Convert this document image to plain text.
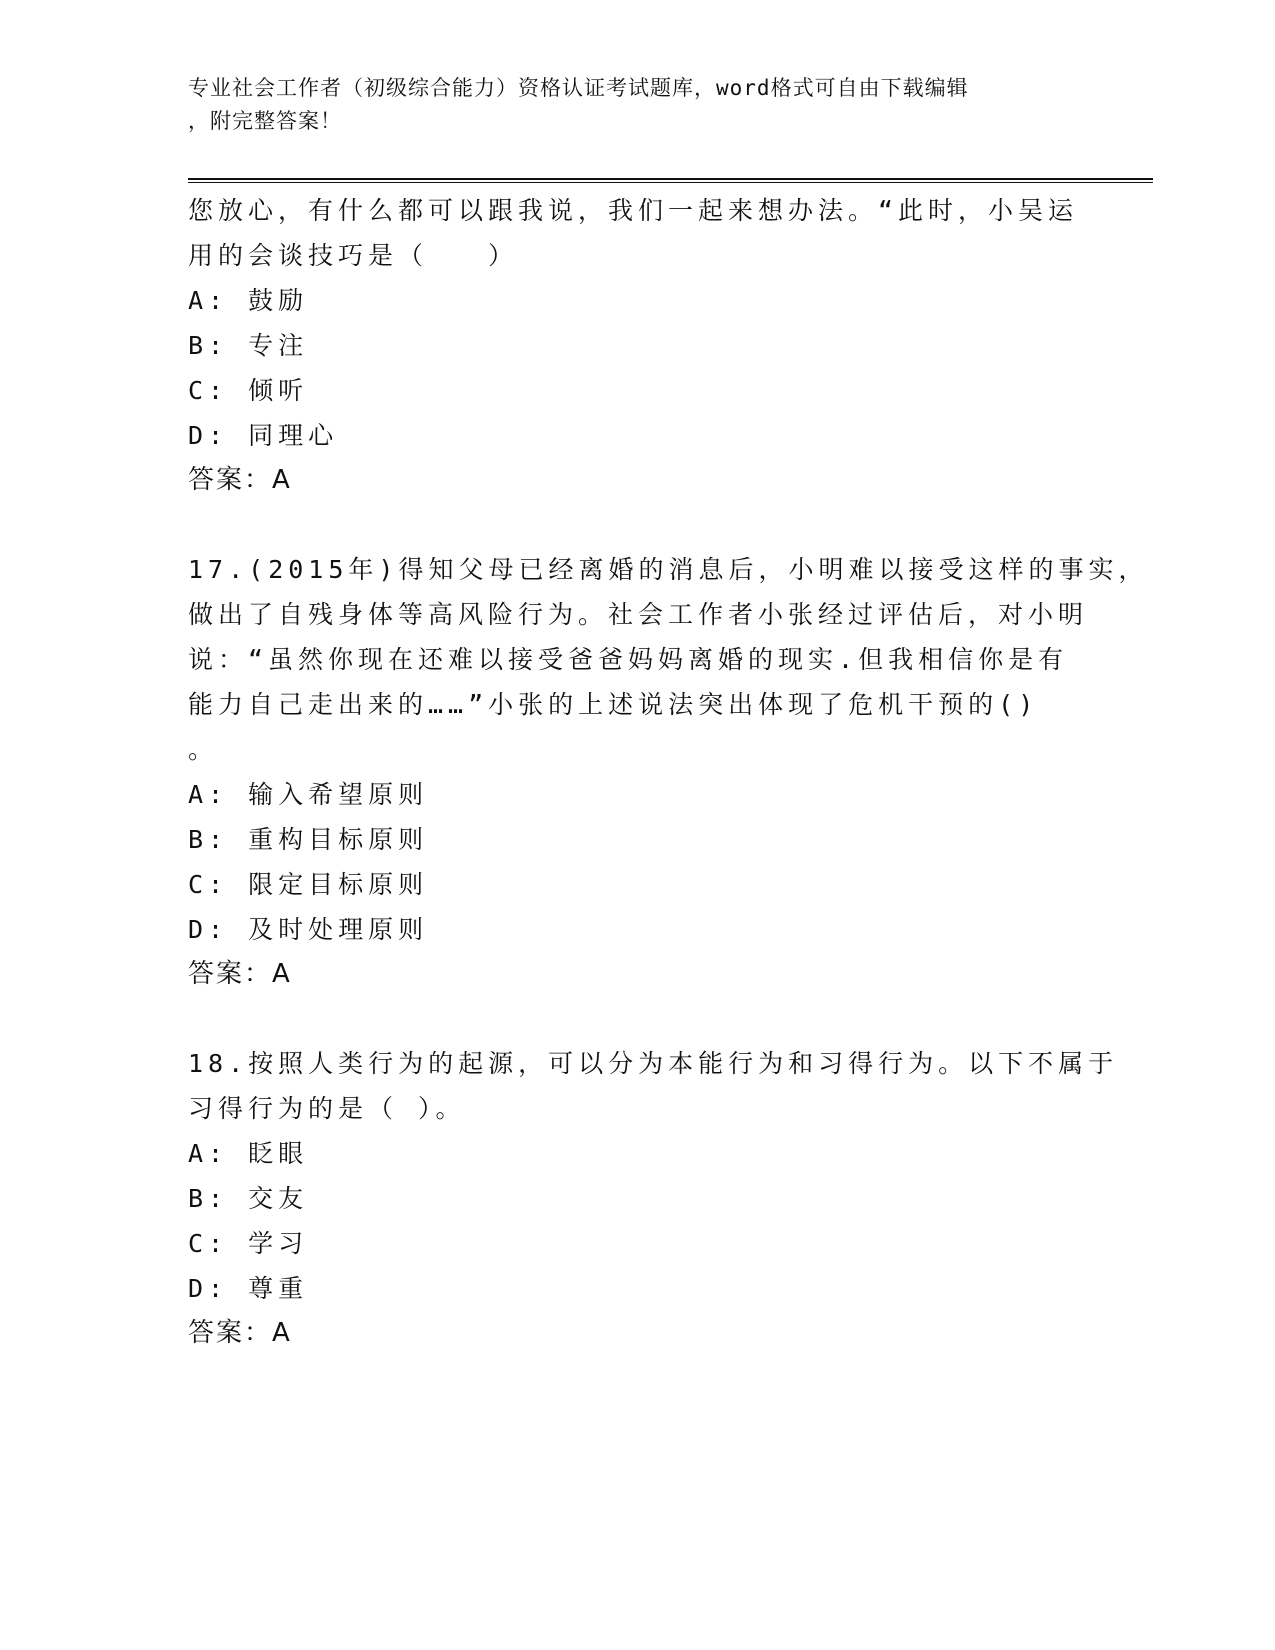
专业社会工作者（初级综合能力）资格认证考试题库，word格式可自由下载编辑
，附完整答案！
您放心，有什么都可以跟我说，我们一起来想办法。“此时，小吴运
用的会谈技巧是（　　）
A: 鼓励
B: 专注
C: 倾听
D: 同理心
答案：A
17.(2015年)得知父母已经离婚的消息后，小明难以接受这样的事实，
做出了自残身体等高风险行为。社会工作者小张经过评估后，对小明
说：“虽然你现在还难以接受爸爸妈妈离婚的现实.但我相信你是有
能力自己走出来的……”小张的上述说法突出体现了危机干预的()
。
A: 输入希望原则
B: 重构目标原则
C: 限定目标原则
D: 及时处理原则
答案：A
18.按照人类行为的起源，可以分为本能行为和习得行为。以下不属于
习得行为的是（ ）。
A: 眨眼
B: 交友
C: 学习
D: 尊重
答案：A
